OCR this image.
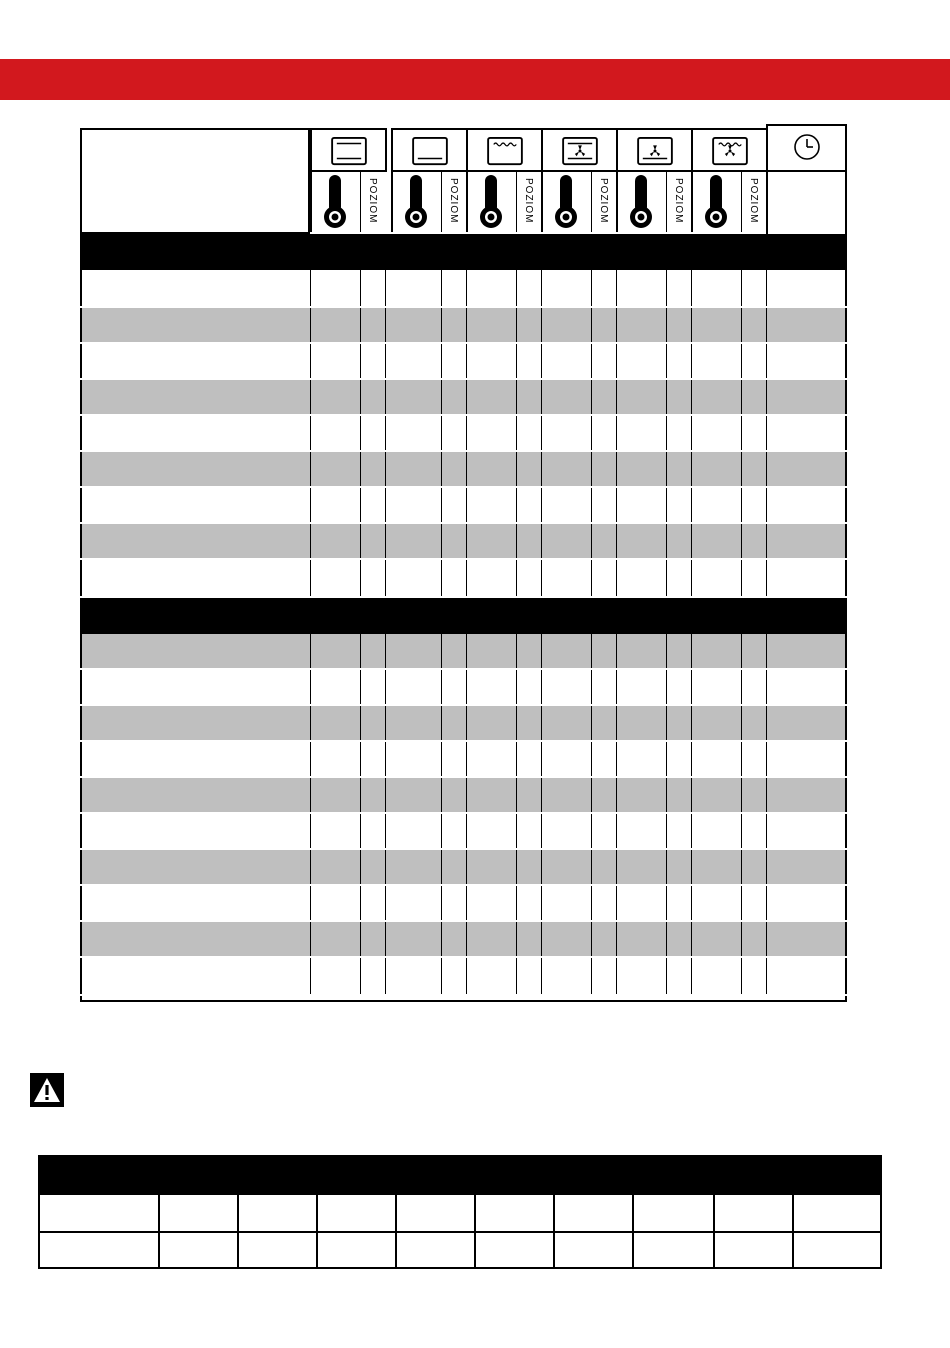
POZIOM	POZIOM	POZIOM	POZIOM	POZIOM	POZIOM
